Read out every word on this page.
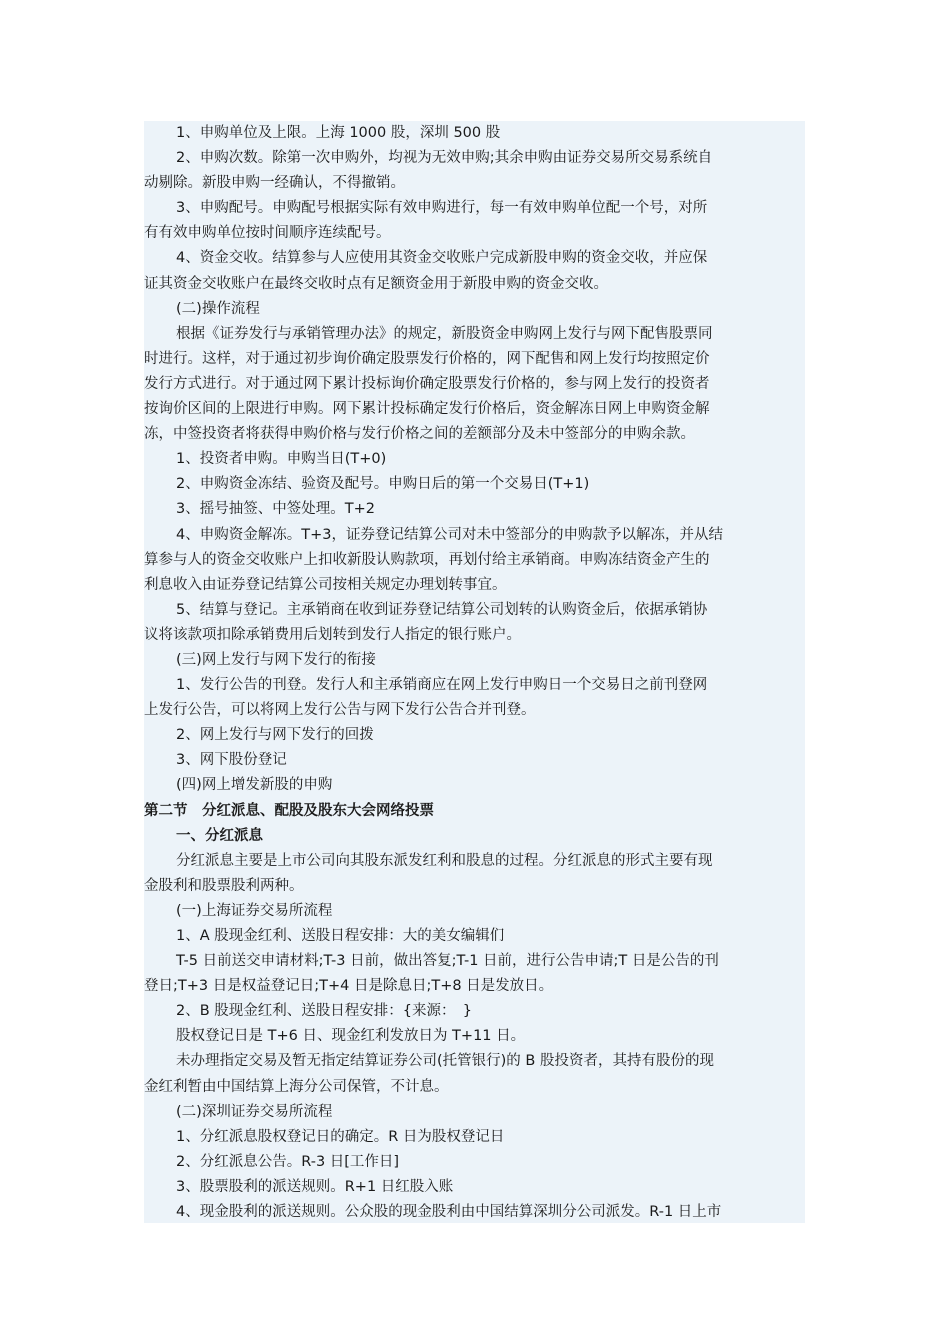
1、申购单位及上限。上海 1000 股，深圳 500 股
2、申购次数。除第一次申购外，均视为无效申购;其余申购由证券交易所交易系统自
动剔除。新股申购一经确认，不得撤销。
3、申购配号。申购配号根据实际有效申购进行，每一有效申购单位配一个号，对所
有有效申购单位按时间顺序连续配号。
4、资金交收。结算参与人应使用其资金交收账户完成新股申购的资金交收，并应保
证其资金交收账户在最终交收时点有足额资金用于新股申购的资金交收。
(二)操作流程
根据《证券发行与承销管理办法》的规定，新股资金申购网上发行与网下配售股票同
时进行。这样，对于通过初步询价确定股票发行价格的，网下配售和网上发行均按照定价
发行方式进行。对于通过网下累计投标询价确定股票发行价格的，参与网上发行的投资者
按询价区间的上限进行申购。网下累计投标确定发行价格后，资金解冻日网上申购资金解
冻，中签投资者将获得申购价格与发行价格之间的差额部分及未中签部分的申购余款。
1、投资者申购。申购当日(T+0)
2、申购资金冻结、验资及配号。申购日后的第一个交易日(T+1)
3、摇号抽签、中签处理。T+2
4、申购资金解冻。T+3，证券登记结算公司对未中签部分的申购款予以解冻，并从结
算参与人的资金交收账户上扣收新股认购款项，再划付给主承销商。申购冻结资金产生的
利息收入由证券登记结算公司按相关规定办理划转事宜。
5、结算与登记。主承销商在收到证券登记结算公司划转的认购资金后，依据承销协
议将该款项扣除承销费用后划转到发行人指定的银行账户。
(三)网上发行与网下发行的衔接
1、发行公告的刊登。发行人和主承销商应在网上发行申购日一个交易日之前刊登网
上发行公告，可以将网上发行公告与网下发行公告合并刊登。
2、网上发行与网下发行的回拨
3、网下股份登记
(四)网上增发新股的申购
第二节　分红派息、配股及股东大会网络投票
一、分红派息
分红派息主要是上市公司向其股东派发红利和股息的过程。分红派息的形式主要有现
金股利和股票股利两种。
(一)上海证券交易所流程
1、A 股现金红利、送股日程安排：大的美女编辑们
T-5 日前送交申请材料;T-3 日前，做出答复;T-1 日前，进行公告申请;T 日是公告的刊
登日;T+3 日是权益登记日;T+4 日是除息日;T+8 日是发放日。
2、B 股现金红利、送股日程安排：{来源：　}
股权登记日是 T+6 日、现金红利发放日为 T+11 日。
未办理指定交易及暂无指定结算证券公司(托管银行)的 B 股投资者，其持有股份的现
金红利暂由中国结算上海分公司保管，不计息。
(二)深圳证券交易所流程
1、分红派息股权登记日的确定。R 日为股权登记日
2、分红派息公告。R-3 日[工作日]
3、股票股利的派送规则。R+1 日红股入账
4、现金股利的派送规则。公众股的现金股利由中国结算深圳分公司派发。R-1 日上市
